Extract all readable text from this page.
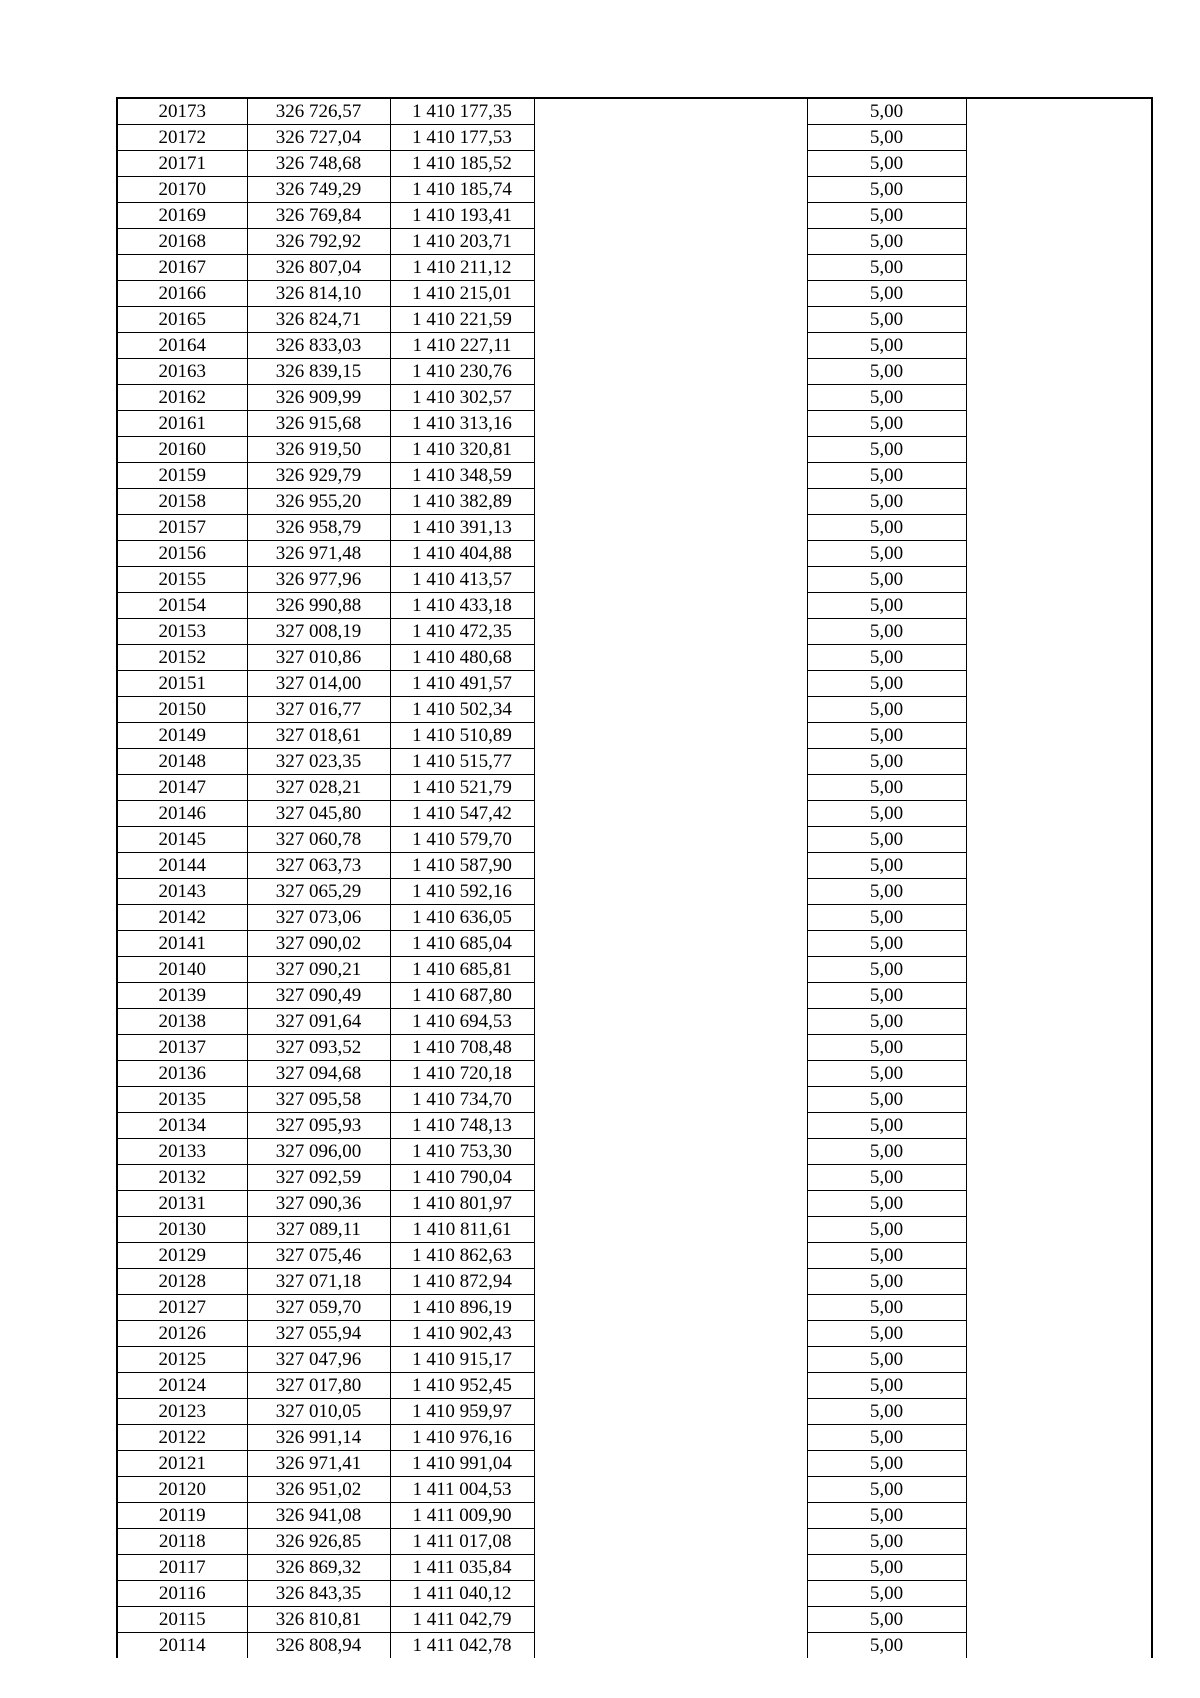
20173	326 726,57	1 410 177,35		5,00	
20172	326 727,04	1 410 177,53		5,00	
20171	326 748,68	1 410 185,52		5,00	
20170	326 749,29	1 410 185,74		5,00	
20169	326 769,84	1 410 193,41		5,00	
20168	326 792,92	1 410 203,71		5,00	
20167	326 807,04	1 410 211,12		5,00	
20166	326 814,10	1 410 215,01		5,00	
20165	326 824,71	1 410 221,59		5,00	
20164	326 833,03	1 410 227,11		5,00	
20163	326 839,15	1 410 230,76		5,00	
20162	326 909,99	1 410 302,57		5,00	
20161	326 915,68	1 410 313,16		5,00	
20160	326 919,50	1 410 320,81		5,00	
20159	326 929,79	1 410 348,59		5,00	
20158	326 955,20	1 410 382,89		5,00	
20157	326 958,79	1 410 391,13		5,00	
20156	326 971,48	1 410 404,88		5,00	
20155	326 977,96	1 410 413,57		5,00	
20154	326 990,88	1 410 433,18		5,00	
20153	327 008,19	1 410 472,35		5,00	
20152	327 010,86	1 410 480,68		5,00	
20151	327 014,00	1 410 491,57		5,00	
20150	327 016,77	1 410 502,34		5,00	
20149	327 018,61	1 410 510,89		5,00	
20148	327 023,35	1 410 515,77		5,00	
20147	327 028,21	1 410 521,79		5,00	
20146	327 045,80	1 410 547,42		5,00	
20145	327 060,78	1 410 579,70		5,00	
20144	327 063,73	1 410 587,90		5,00	
20143	327 065,29	1 410 592,16		5,00	
20142	327 073,06	1 410 636,05		5,00	
20141	327 090,02	1 410 685,04		5,00	
20140	327 090,21	1 410 685,81		5,00	
20139	327 090,49	1 410 687,80		5,00	
20138	327 091,64	1 410 694,53		5,00	
20137	327 093,52	1 410 708,48		5,00	
20136	327 094,68	1 410 720,18		5,00	
20135	327 095,58	1 410 734,70		5,00	
20134	327 095,93	1 410 748,13		5,00	
20133	327 096,00	1 410 753,30		5,00	
20132	327 092,59	1 410 790,04		5,00	
20131	327 090,36	1 410 801,97		5,00	
20130	327 089,11	1 410 811,61		5,00	
20129	327 075,46	1 410 862,63		5,00	
20128	327 071,18	1 410 872,94		5,00	
20127	327 059,70	1 410 896,19		5,00	
20126	327 055,94	1 410 902,43		5,00	
20125	327 047,96	1 410 915,17		5,00	
20124	327 017,80	1 410 952,45		5,00	
20123	327 010,05	1 410 959,97		5,00	
20122	326 991,14	1 410 976,16		5,00	
20121	326 971,41	1 410 991,04		5,00	
20120	326 951,02	1 411 004,53		5,00	
20119	326 941,08	1 411 009,90		5,00	
20118	326 926,85	1 411 017,08		5,00	
20117	326 869,32	1 411 035,84		5,00	
20116	326 843,35	1 411 040,12		5,00	
20115	326 810,81	1 411 042,79		5,00	
20114	326 808,94	1 411 042,78		5,00	
